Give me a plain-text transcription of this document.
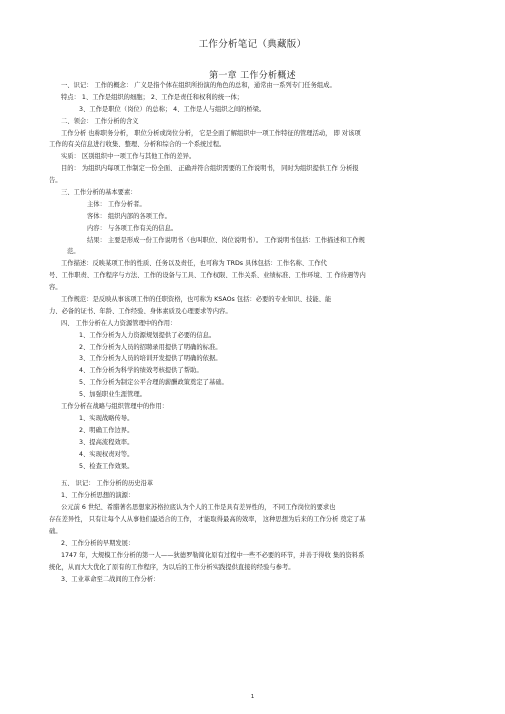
工作分析笔记（典藏版）
第一章 工作分析概述
一、识记： 工作的概念： 广义是指个体在组织所扮演的角色的总和，通常由一系列专门任务组成。
特点： 1、工作是组织的细胞； 2、工作是责任和权利的统一体；
3、工作是职位（岗位）的总称； 4、工作是人与组织之间的桥梁。
二、领会： 工作分析的含义
工作分析 也称职务分析， 职位分析或岗位分析， 它是全面了解组织中一项工作特征的管理活动， 即 对该项
工作的有关信息进行收集、整理、分析和综合的一个系统过程。
实质： 区别组织中一项工作与其他工作的差异。
目的： 为组织内每项工作制定一份全面、 正确并符合组织需要的工作说明书， 同时为组织提供工作 分析报
告。
三、工作分析的基本要素：
主体： 工作分析者。
客体： 组织内部的各项工作。
内容： 与各项工作有关的信息。
结果： 主要是形成一份工作说明书（也叫职位、岗位说明书）。 工作说明书包括：工作描述和工作规
范。
工作描述：反映某项工作的性质、任务以及责任，也可称为 TRDs 具体包括：工作名称、工作代
号、工作职责、工作程序与方法、工作的设备与工具、工作权限、工作关系、业绩标准、工作环境、工 作待遇等内
容。
工作规范：是反映从事该项工作的任职资格，也可称为 KSAOs 包括：必要的专业知识、技能、能
力、必备的证书、年龄、工作经验、身体素质及心理要求等内容。
四、 工作分析在人力资源管理中的作用：
1、工作分析为人力资源规划提供了必要的信息。
2、工作分析为人员的招聘录用提供了明确的标准。
3、工作分析为人员的培训开发提供了明确的依据。
4、工作分析为科学的绩效考核提供了帮助。
5、工作分析为制定公平合理的薪酬政策奠定了基础。
5、加强职业生涯管理。
工作分析在战略与组织管理中的作用：
1、实现战略传导。
2、明确工作边界。
3、提高流程效率。
4、实现权责对等。
5、检查工作效果。
五、 识记： 工作分析的历史沿革
1、工作分析思想的演源：
公元前 6 世纪、希腊著名思想家苏格拉底认为个人的工作是具有差异性的， 不同工作岗位的要求也
存在差异性， 只有让每个人从事他们最适合的工作， 才能取得最高的效率， 这种思想为后来的工作分析 奠定了基
础。
2、工作分析的早期发展：
1747 年，大规模工作分析的第一人——狄德罗勒简化原有过程中一些不必要的环节，并善于得收 集的资料系
统化，从而大大优化了原有的工作程序，为以后的工作分析实践提供直接的经验与参考。
3、工业革命至二战间的工作分析：
1
